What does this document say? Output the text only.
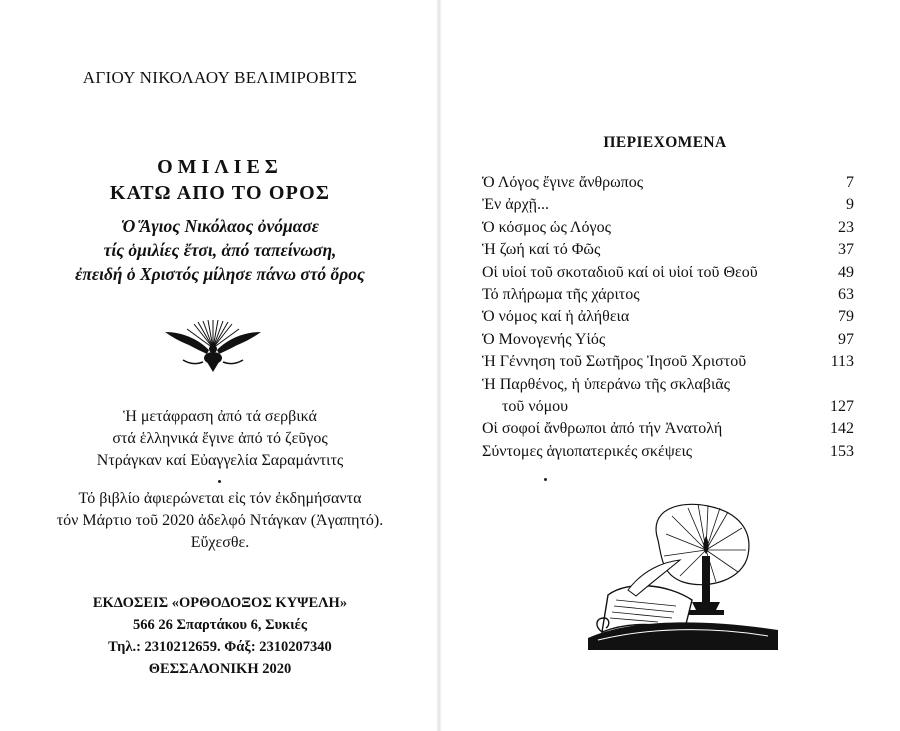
ΑΓΙΟΥ ΝΙΚΟΛΑΟΥ ΒΕΛΙΜΙΡΟΒΙΤΣ
ΟΜΙΛΙΕΣ
ΚΑΤΩ ΑΠΟ ΤΟ ΟΡΟΣ
Ὁ Ἅγιος Νικόλαος ὀνόμασε
τίς ὁμιλίες ἔτσι, ἀπό ταπείνωση,
ἐπειδή ὁ Χριστός μίλησε πάνω στό ὄρος
Ἡ μετάφραση ἀπό τά σερβικά
στά ἑλληνικά ἔγινε ἀπό τό ζεῦγος
Ντράγκαν καί Εὐαγγελία Σαραμάντιτς
Τό βιβλίο ἀφιερώνεται εἰς τόν ἐκδημήσαντα
τόν Μάρτιο τοῦ 2020 ἀδελφό Ντάγκαν (Ἀγαπητό).
Εὔχεσθε.
ΕΚΔΟΣΕΙΣ «ΟΡΘΟΔΟΞΟΣ ΚΥΨΕΛΗ»
566 26 Σπαρτάκου 6, Συκιές
Τηλ.: 2310212659. Φάξ: 2310207340
ΘΕΣΣΑΛΟΝΙΚΗ 2020
ΠΕΡΙΕΧΟΜΕΝΑ
Ὁ Λόγος ἔγινε ἄνθρωπος	7
Ἐν ἀρχῇ...	9
Ὁ κόσμος ὡς Λόγος	23
Ἡ ζωή καί τό Φῶς	37
Οἱ υἱοί τοῦ σκοταδιοῦ καί οἱ υἱοί τοῦ Θεοῦ	49
Τό πλήρωμα τῆς χάριτος	63
Ὁ νόμος καί ἡ ἀλήθεια	79
Ὁ Μονογενής Υἱός	97
Ἡ Γέννηση τοῦ Σωτῆρος Ἰησοῦ Χριστοῦ	113
Ἡ Παρθένος, ἡ ὑπεράνω τῆς σκλαβιᾶς
τοῦ νόμου	127
Οἱ σοφοί ἄνθρωποι ἀπό τήν Ἀνατολή	142
Σύντομες ἁγιοπατερικές σκέψεις	153
